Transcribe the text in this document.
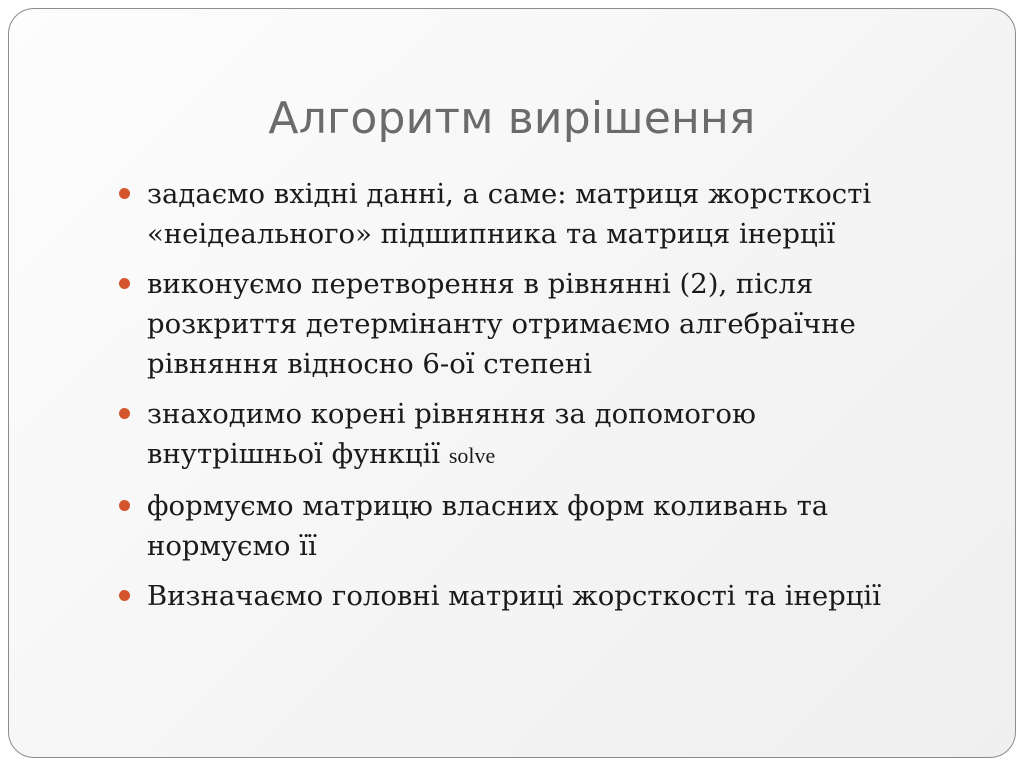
Алгоритм вирішення
задаємо вхідні данні, а саме: матриця жорсткості «неідеального» підшипника та матриця інерції
виконуємо перетворення в рівнянні (2), після розкриття детермінанту отримаємо алгебраїчне рівняння відносно 6-ої степені
знаходимо корені рівняння за допомогою внутрішньої функції solve
формуємо матрицю власних форм коливань та нормуємо її
Визначаємо головні матриці жорсткості та інерції
